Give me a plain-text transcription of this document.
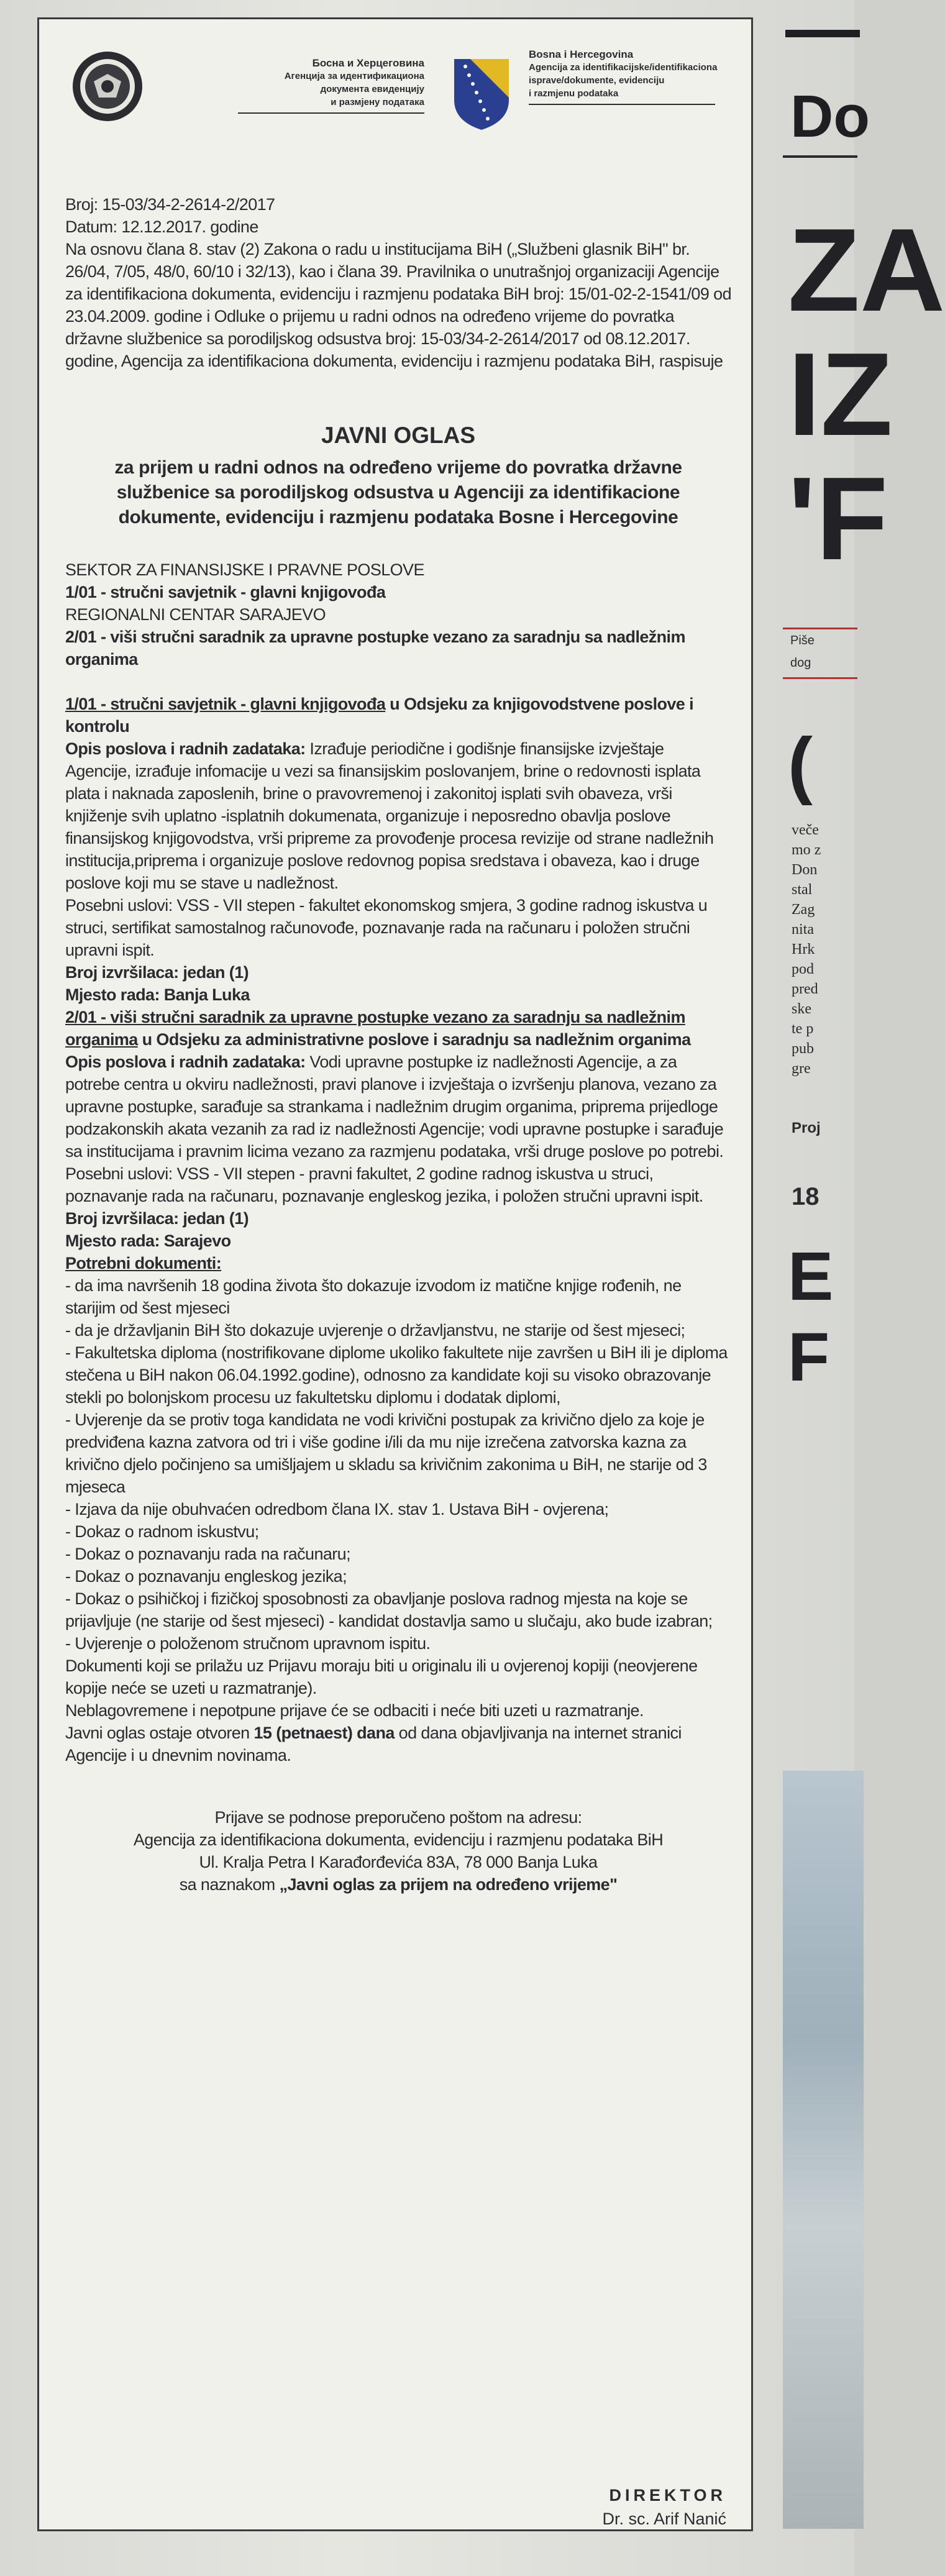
Босна и Херцеговина
Агенција за идентификациона
документа евиденцију
и размјену података
Bosna i Hercegovina
Agencija za identifikacijske/identifikaciona
isprave/dokumente, evidenciju
i razmjenu podataka

Broj: 15-03/34-2-2614-2/2017

Datum: 12.12.2017. godine

Na osnovu člana 8. stav (2) Zakona o radu u institucijama BiH („Službeni glasnik BiH" br. 26/04, 7/05, 48/0, 60/10 i 32/13), kao i člana 39. Pravilnika o unutrašnjoj organizaciji Agencije za identifikaciona dokumenta, evidenciju i razmjenu podataka BiH broj: 15/01-02-2-1541/09 od 23.04.2009. godine i Odluke o prijemu u radni odnos na određeno vrijeme do povratka državne službenice sa porodiljskog odsustva broj: 15-03/34-2-2614/2017 od 08.12.2017. godine, Agencija za identifikaciona dokumenta, evidenciju i razmjenu podataka BiH, raspisuje

JAVNI OGLAS

za prijem u radni odnos na određeno vrijeme do povratka državne službenice sa porodiljskog odsustva u Agenciji za identifikacione dokumente, evidenciju i razmjenu podataka Bosne i Hercegovine

SEKTOR ZA FINANSIJSKE I PRAVNE POSLOVE

1/01 - stručni savjetnik - glavni knjigovođa

REGIONALNI CENTAR SARAJEVO

2/01 - viši stručni saradnik za upravne postupke vezano za saradnju sa nadležnim organima

1/01 - stručni savjetnik - glavni knjigovođa u Odsjeku za knjigovodstvene poslove i kontrolu

Opis poslova i radnih zadataka: Izrađuje periodične i godišnje finansijske izvještaje Agencije, izrađuje infomacije u vezi sa finansijskim poslovanjem, brine o redovnosti isplata plata i naknada zaposlenih, brine o pravovremenoj i zakonitoj isplati svih obaveza, vrši knjiženje svih uplatno -isplatnih dokumenata, organizuje i neposredno obavlja poslove finansijskog knjigovodstva, vrši pripreme za provođenje procesa revizije od strane nadležnih institucija,priprema i organizuje poslove redovnog popisa sredstava i obaveza, kao i druge poslove koji mu se stave u nadležnost.

Posebni uslovi: VSS - VII stepen - fakultet ekonomskog smjera, 3 godine radnog iskustva u struci, sertifikat samostalnog računovođe, poznavanje rada na računaru i položen stručni upravni ispit.

Broj izvršilaca: jedan (1)

Mjesto rada: Banja Luka

2/01 - viši stručni saradnik za upravne postupke vezano za saradnju sa nadležnim organima u Odsjeku za administrativne poslove i saradnju sa nadležnim organima

Opis poslova i radnih zadataka: Vodi upravne postupke iz nadležnosti Agencije, a za potrebe centra u okviru nadležnosti, pravi planove i izvještaja o izvršenju planova, vezano za upravne postupke, sarađuje sa strankama i nadležnim drugim organima, priprema prijedloge podzakonskih akata vezanih za rad iz nadležnosti Agencije; vodi upravne postupke i sarađuje sa institucijama i pravnim licima vezano za razmjenu podataka, vrši druge poslove po potrebi.

Posebni uslovi: VSS - VII stepen - pravni fakultet, 2 godine radnog iskustva u struci, poznavanje rada na računaru, poznavanje engleskog jezika, i položen stručni upravni ispit.

Broj izvršilaca: jedan (1)

Mjesto rada: Sarajevo

Potrebni dokumenti:

- da ima navršenih 18 godina života što dokazuje izvodom iz matične knjige rođenih, ne starijim od šest mjeseci

- da je državljanin BiH što dokazuje uvjerenje o državljanstvu, ne starije od šest mjeseci;

- Fakultetska diploma (nostrifikovane diplome ukoliko fakultete nije završen u BiH ili je diploma stečena u BiH nakon 06.04.1992.godine), odnosno za kandidate koji su visoko obrazovanje stekli po bolonjskom procesu uz fakultetsku diplomu i dodatak diplomi,

- Uvjerenje da se protiv toga kandidata ne vodi krivični postupak za krivično djelo za koje je predviđena kazna zatvora od tri i više godine i/ili da mu nije izrečena zatvorska kazna za krivično djelo počinjeno sa umišljajem u skladu sa krivičnim zakonima u BiH, ne starije od 3 mjeseca

- Izjava da nije obuhvaćen odredbom člana IX. stav 1. Ustava BiH - ovjerena;

- Dokaz o radnom iskustvu;

- Dokaz o poznavanju rada na računaru;

- Dokaz o poznavanju engleskog jezika;

- Dokaz o psihičkoj i fizičkoj sposobnosti za obavljanje poslova radnog mjesta na koje se prijavljuje (ne starije od šest mjeseci) - kandidat dostavlja samo u slučaju, ako bude izabran;

- Uvjerenje o položenom stručnom upravnom ispitu.

Dokumenti koji se prilažu uz Prijavu moraju biti u originalu ili u ovjerenoj kopiji (neovjerene kopije neće se uzeti u razmatranje).

Neblagovremene i nepotpune prijave će se odbaciti i neće biti uzeti u razmatranje.

Javni oglas ostaje otvoren 15 (petnaest) dana od dana objavljivanja na internet stranici Agencije i u dnevnim novinama.

Prijave se podnose preporučeno poštom na adresu:

Agencija za identifikaciona dokumenta, evidenciju i razmjenu podataka BiH

Ul. Kralja Petra I Karađorđevića 83A, 78 000 Banja Luka

sa naznakom „Javni oglas za prijem na određeno vrijeme"

DIREKTOR
Dr. sc. Arif Nanić
Do
ZA
IZ
'F
Piše
dog
(
veče
mo z
Don
stal
Zag
nita
Hrk
pod
pred
ske
te p
pub
gre
Proj
18
E
F
